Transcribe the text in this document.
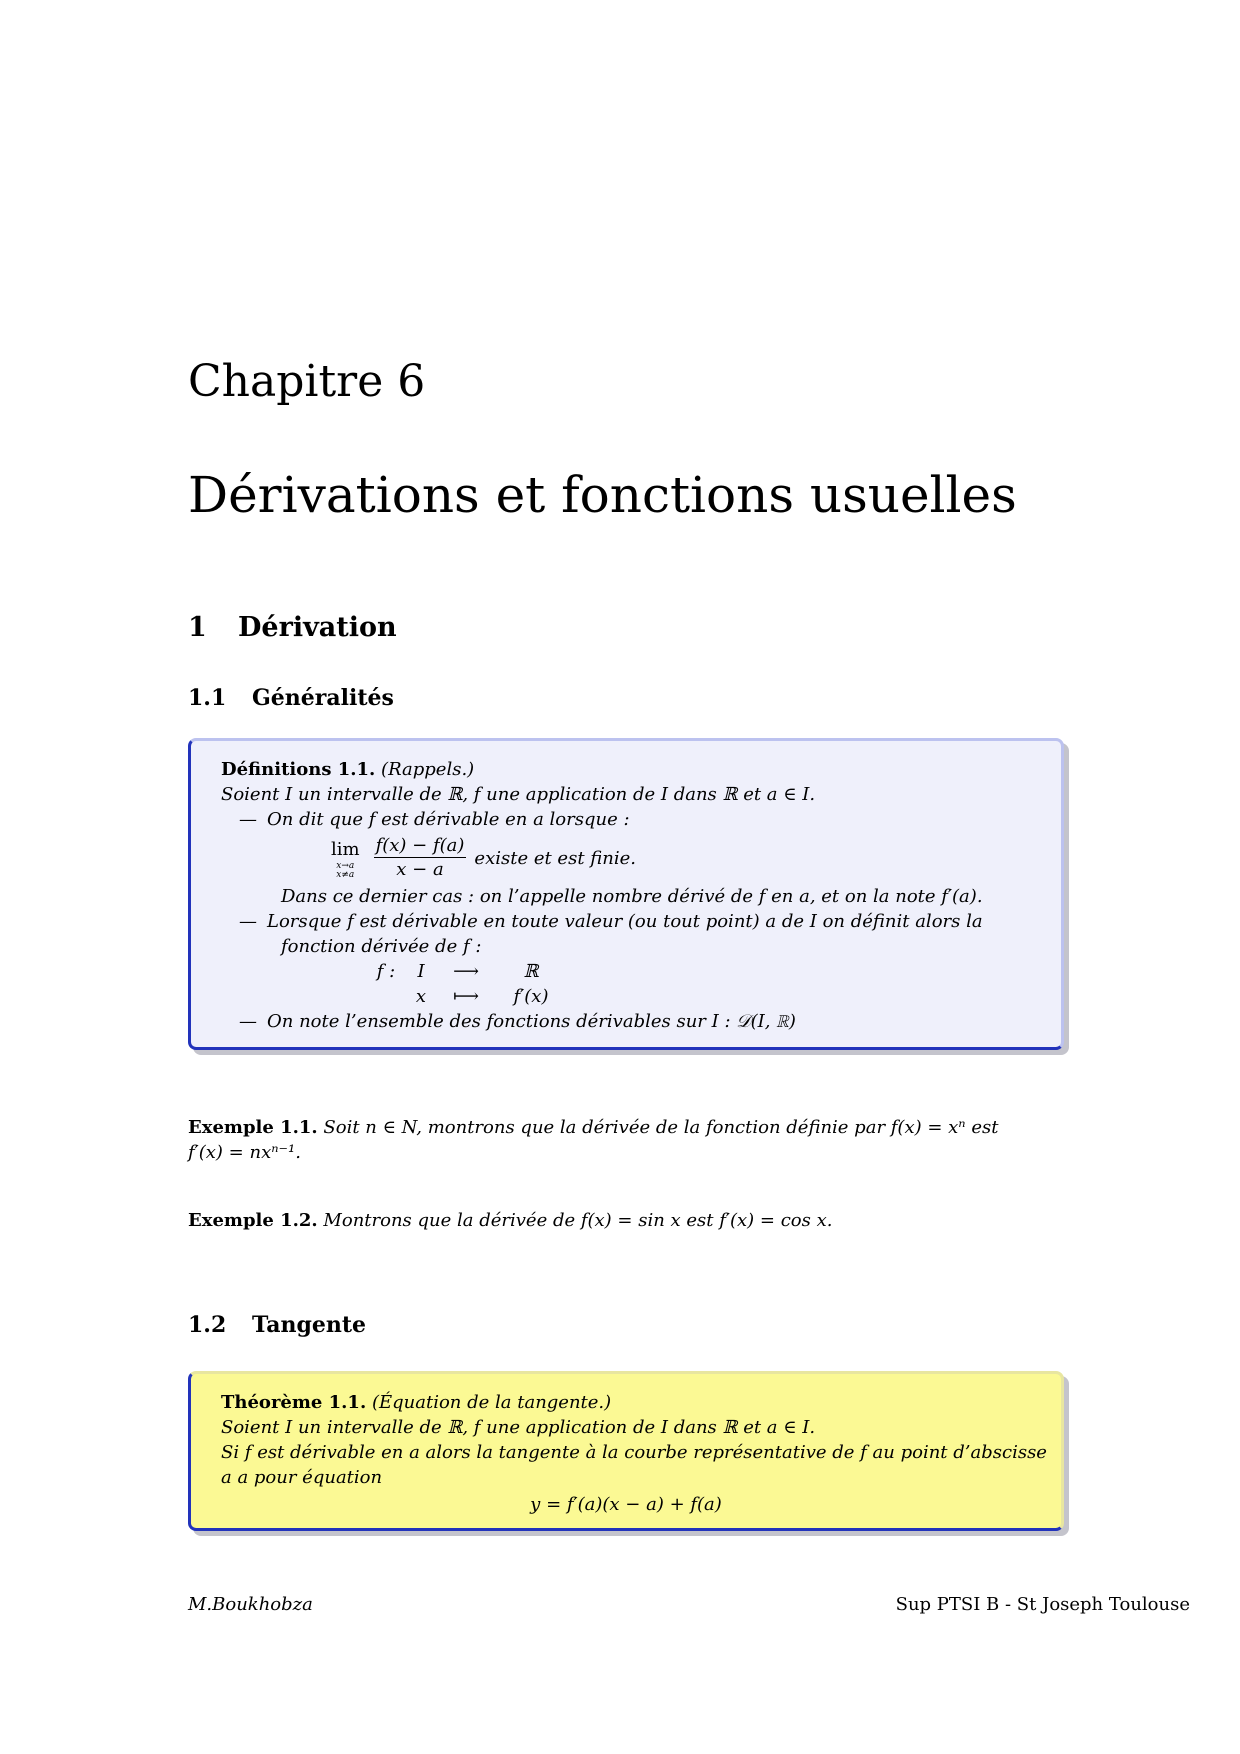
Chapitre 6
Dérivations et fonctions usuelles
1 Dérivation
1.1 Généralités
Définitions 1.1. (Rappels.)
Soient I un intervalle de ℝ, f une application de I dans ℝ et a ∈ I.
— On dit que f est dérivable en a lorsque :
lim
x→a
$x\ne a \frac{f(x) - f(a)}{x - a}$ existe et est finie.
Dans ce dernier cas : on l’appelle nombre dérivé de f en a, et on la note f′(a).
— Lorsque f est dérivable en toute valeur (ou tout point) a de I on définit alors la
fonction dérivée de f :
f :	I	⟶	ℝ
x	⟼	f′(x)
— On note l’ensemble des fonctions dérivables sur I : 𝒟(I, ℝ)
Exemple 1.1. Soit n ∈ N, montrons que la dérivée de la fonction définie par f(x) = xⁿ est
f′(x) = nxⁿ⁻¹.
Exemple 1.2. Montrons que la dérivée de f(x) = sin x est f′(x) = cos x.
1.2 Tangente
Théorème 1.1. (Équation de la tangente.)
Soient I un intervalle de ℝ, f une application de I dans ℝ et a ∈ I.
Si f est dérivable en a alors la tangente à la courbe représentative de f au point d’abscisse
a a pour équation
y = f′(a)(x − a) + f(a)
M.Boukhobza	Sup PTSI B - St Joseph Toulouse
